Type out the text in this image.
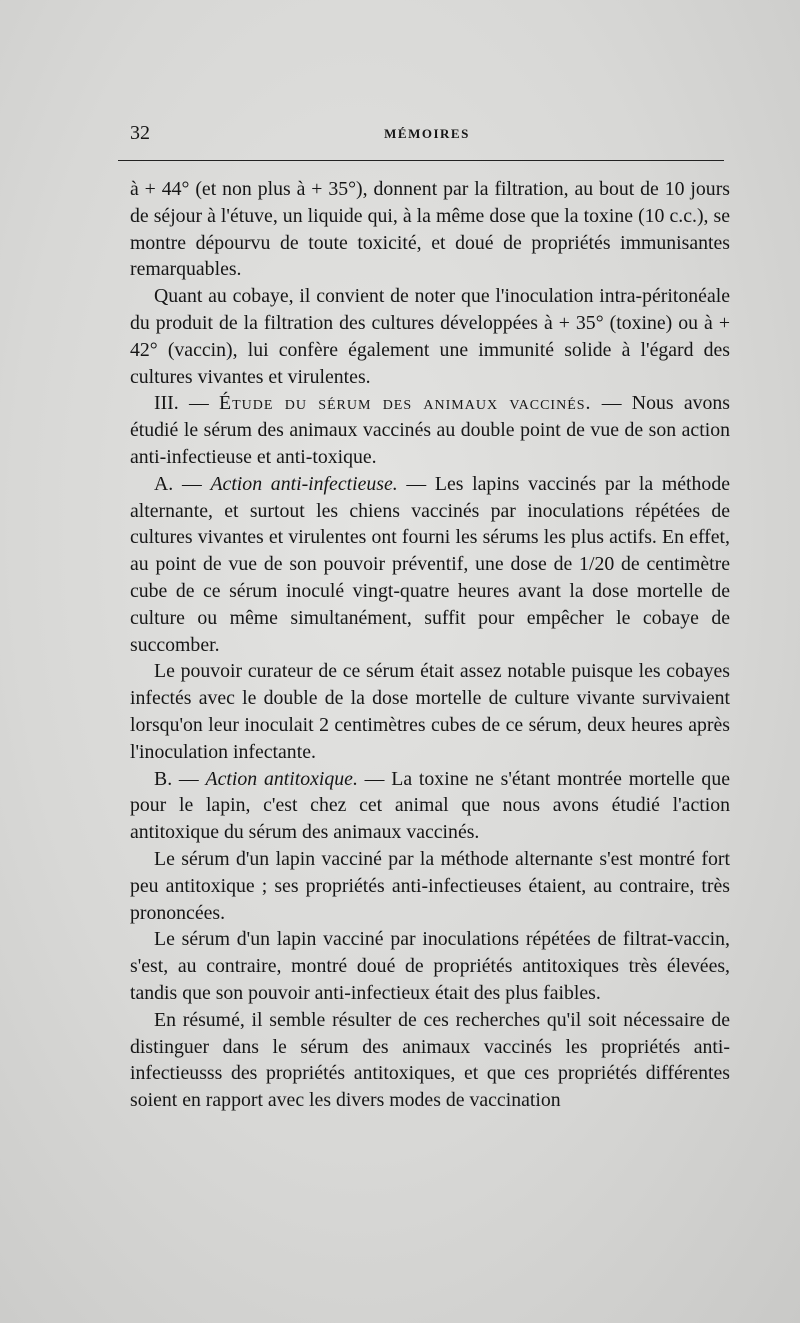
32	MÉMOIRES

à + 44° (et non plus à + 35°), donnent par la filtration, au bout de 10 jours de séjour à l'étuve, un liquide qui, à la même dose que la toxine (10 c.c.), se montre dépourvu de toute toxicité, et doué de propriétés immunisantes remarquables.

Quant au cobaye, il convient de noter que l'inoculation intra-péritonéale du produit de la filtration des cultures développées à + 35° (toxine) ou à + 42° (vaccin), lui confère également une immunité solide à l'égard des cultures vivantes et virulentes.

III. — Étude du sérum des animaux vaccinés. — Nous avons étudié le sérum des animaux vaccinés au double point de vue de son action anti-infectieuse et anti-toxique.

A. — Action anti-infectieuse. — Les lapins vaccinés par la méthode alternante, et surtout les chiens vaccinés par inoculations répétées de cultures vivantes et virulentes ont fourni les sérums les plus actifs. En effet, au point de vue de son pouvoir préventif, une dose de 1/20 de centimètre cube de ce sérum inoculé vingt-quatre heures avant la dose mortelle de culture ou même simultanément, suffit pour empêcher le cobaye de succomber.

Le pouvoir curateur de ce sérum était assez notable puisque les cobayes infectés avec le double de la dose mortelle de culture vivante survivaient lorsqu'on leur inoculait 2 centimètres cubes de ce sérum, deux heures après l'inoculation infectante.

B. — Action antitoxique. — La toxine ne s'étant montrée mortelle que pour le lapin, c'est chez cet animal que nous avons étudié l'action antitoxique du sérum des animaux vaccinés.

Le sérum d'un lapin vacciné par la méthode alternante s'est montré fort peu antitoxique ; ses propriétés anti-infectieuses étaient, au contraire, très prononcées.

Le sérum d'un lapin vacciné par inoculations répétées de filtrat-vaccin, s'est, au contraire, montré doué de propriétés antitoxiques très élevées, tandis que son pouvoir anti-infectieux était des plus faibles.

En résumé, il semble résulter de ces recherches qu'il soit nécessaire de distinguer dans le sérum des animaux vaccinés les propriétés anti-infectieusss des propriétés antitoxiques, et que ces propriétés différentes soient en rapport avec les divers modes de vaccination
